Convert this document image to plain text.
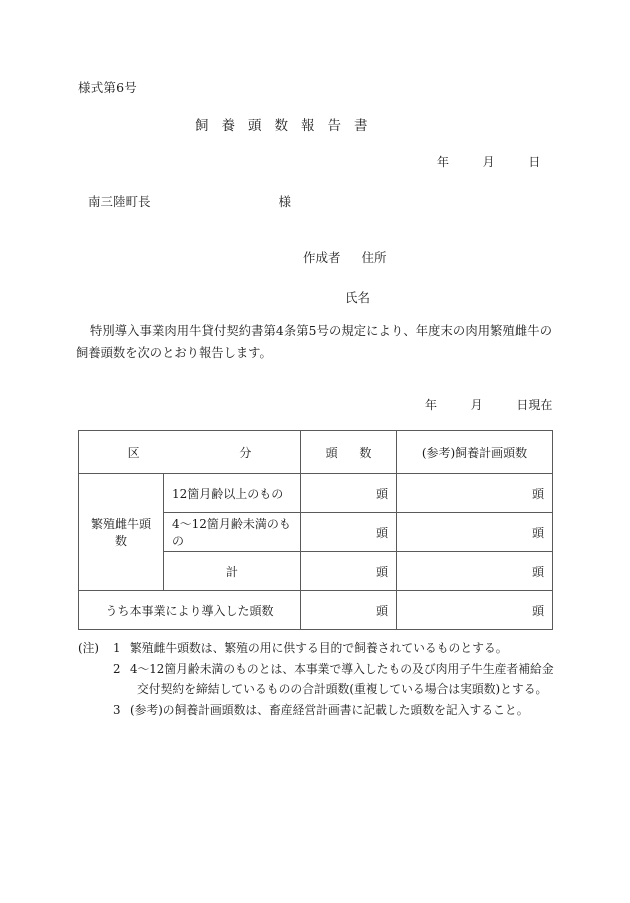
様式第6号
飼養頭数報告書
年	月	日
南三陸町長	様
作成者 住所
氏名
特別導入事業肉用牛貸付契約書第4条第5号の規定により、年度末の肉用繁殖雌牛の飼養頭数を次のとおり報告します。
年	月	日現在
区 分		頭 数	(参考)飼養計画頭数
繁殖雌牛頭数	12箇月齢以上のもの	頭	頭
	4〜12箇月齢未満のもの	頭	頭
	計	頭	頭
うち本事業により導入した頭数		頭	頭
(注) 1 繁殖雌牛頭数は、繁殖の用に供する目的で飼養されているものとする。
2 4〜12箇月齢未満のものとは、本事業で導入したもの及び肉用子牛生産者補給金
交付契約を締結しているものの合計頭数(重複している場合は実頭数)とする。
3 (参考)の飼養計画頭数は、畜産経営計画書に記載した頭数を記入すること。
